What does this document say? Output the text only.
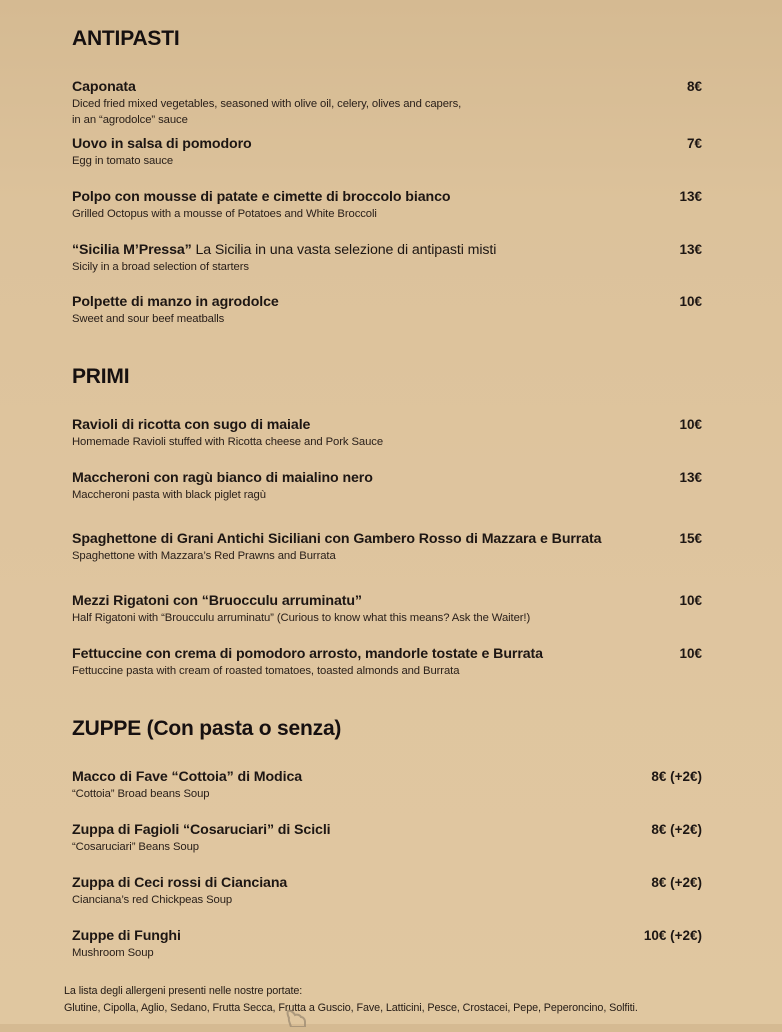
ANTIPASTI
Caponata
Diced fried mixed vegetables, seasoned with olive oil, celery, olives and capers,
in an “agrodolce” sauce
8€
Uovo in salsa di pomodoro
Egg in tomato sauce
7€
Polpo con mousse di patate e cimette di broccolo bianco
Grilled Octopus with a mousse of Potatoes and White Broccoli
13€
“Sicilia M’Pressa” La Sicilia in una vasta selezione di antipasti misti
Sicily in a broad selection of starters
13€
Polpette di manzo in agrodolce
Sweet and sour beef meatballs
10€
PRIMI
Ravioli di ricotta con sugo di maiale
Homemade Ravioli stuffed with Ricotta cheese and Pork Sauce
10€
Maccheroni con ragù bianco di maialino nero
Maccheroni pasta with black piglet ragù
13€
Spaghettone di Grani Antichi Siciliani con Gambero Rosso di Mazzara e Burrata
Spaghettone with Mazzara’s Red Prawns and Burrata
15€
Mezzi Rigatoni con “Bruocculu arruminatu”
Half Rigatoni with “Broucculu arruminatu” (Curious to know what this means? Ask the Waiter!)
10€
Fettuccine con crema di pomodoro arrosto, mandorle tostate e Burrata
Fettuccine pasta with cream of roasted tomatoes, toasted almonds and Burrata
10€
ZUPPE (Con pasta o senza)
Macco di Fave “Cottoia” di Modica
“Cottoia” Broad beans Soup
8€ (+2€)
Zuppa di Fagioli “Cosaruciari” di Scicli
“Cosaruciari” Beans Soup
8€ (+2€)
Zuppa di Ceci rossi di Cianciana
Cianciana’s red Chickpeas Soup
8€ (+2€)
Zuppe di Funghi
Mushroom Soup
10€ (+2€)
La lista degli allergeni presenti nelle nostre portate:
Glutine, Cipolla, Aglio, Sedano, Frutta Secca, Frutta a Guscio, Fave, Latticini, Pesce, Crostacei, Pepe, Peperoncino, Solfiti.
